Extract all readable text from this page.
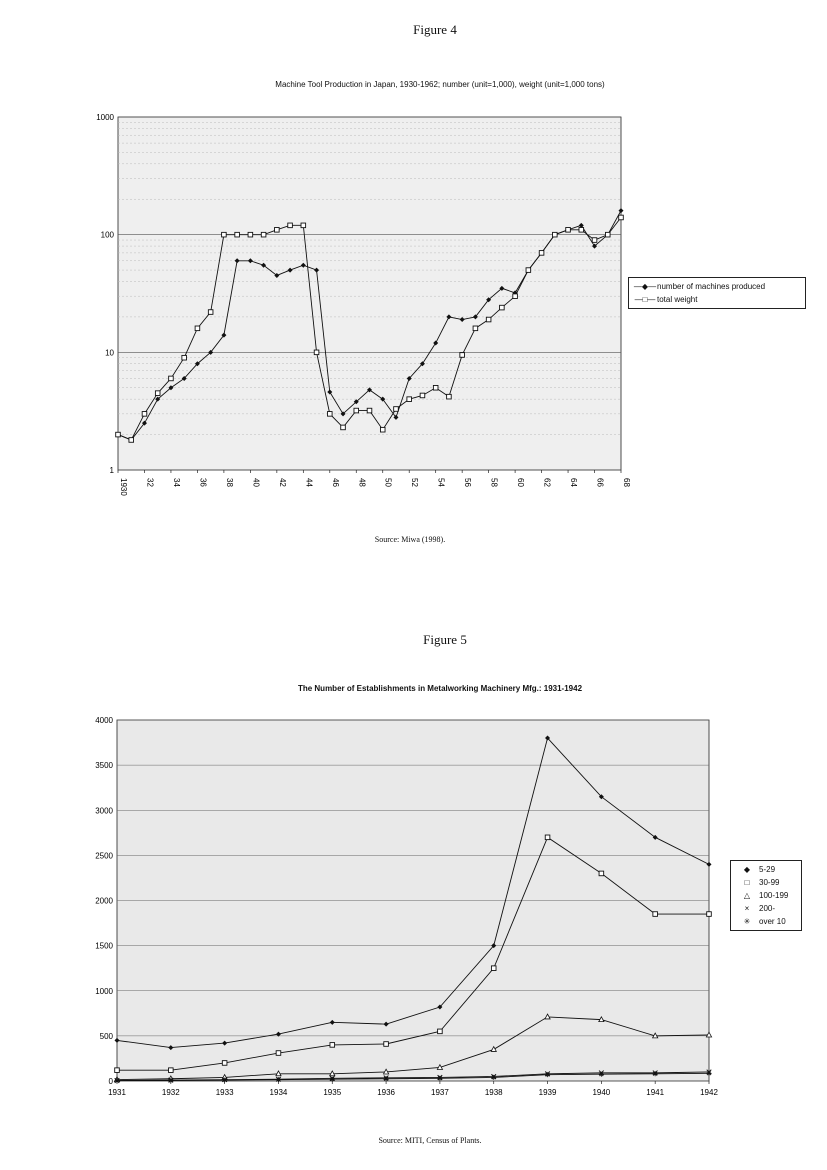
Figure 4
Machine Tool Production in Japan, 1930-1962; number (unit=1,000), weight (unit=1,000 tons)
1000
100
10
1
1930 32 34 36 38 40 42 44 46 48 50 52 54 56 58 60 62 64 66 68
—◆— number of machines produced
—□— total weight
Source: Miwa (1998).
Figure 5
The Number of Establishments in Metalworking Machinery Mfg.: 1931-1942
0
500
1000
1500
2000
2500
3000
3500
4000
1931	1932	1933	1934	1935	1936	1937	1938	1939	1940	1941	1942
◆	5-29
□	30-99
△	100-199
×	200-
✳	over 10
Source: MITI, Census of Plants.
